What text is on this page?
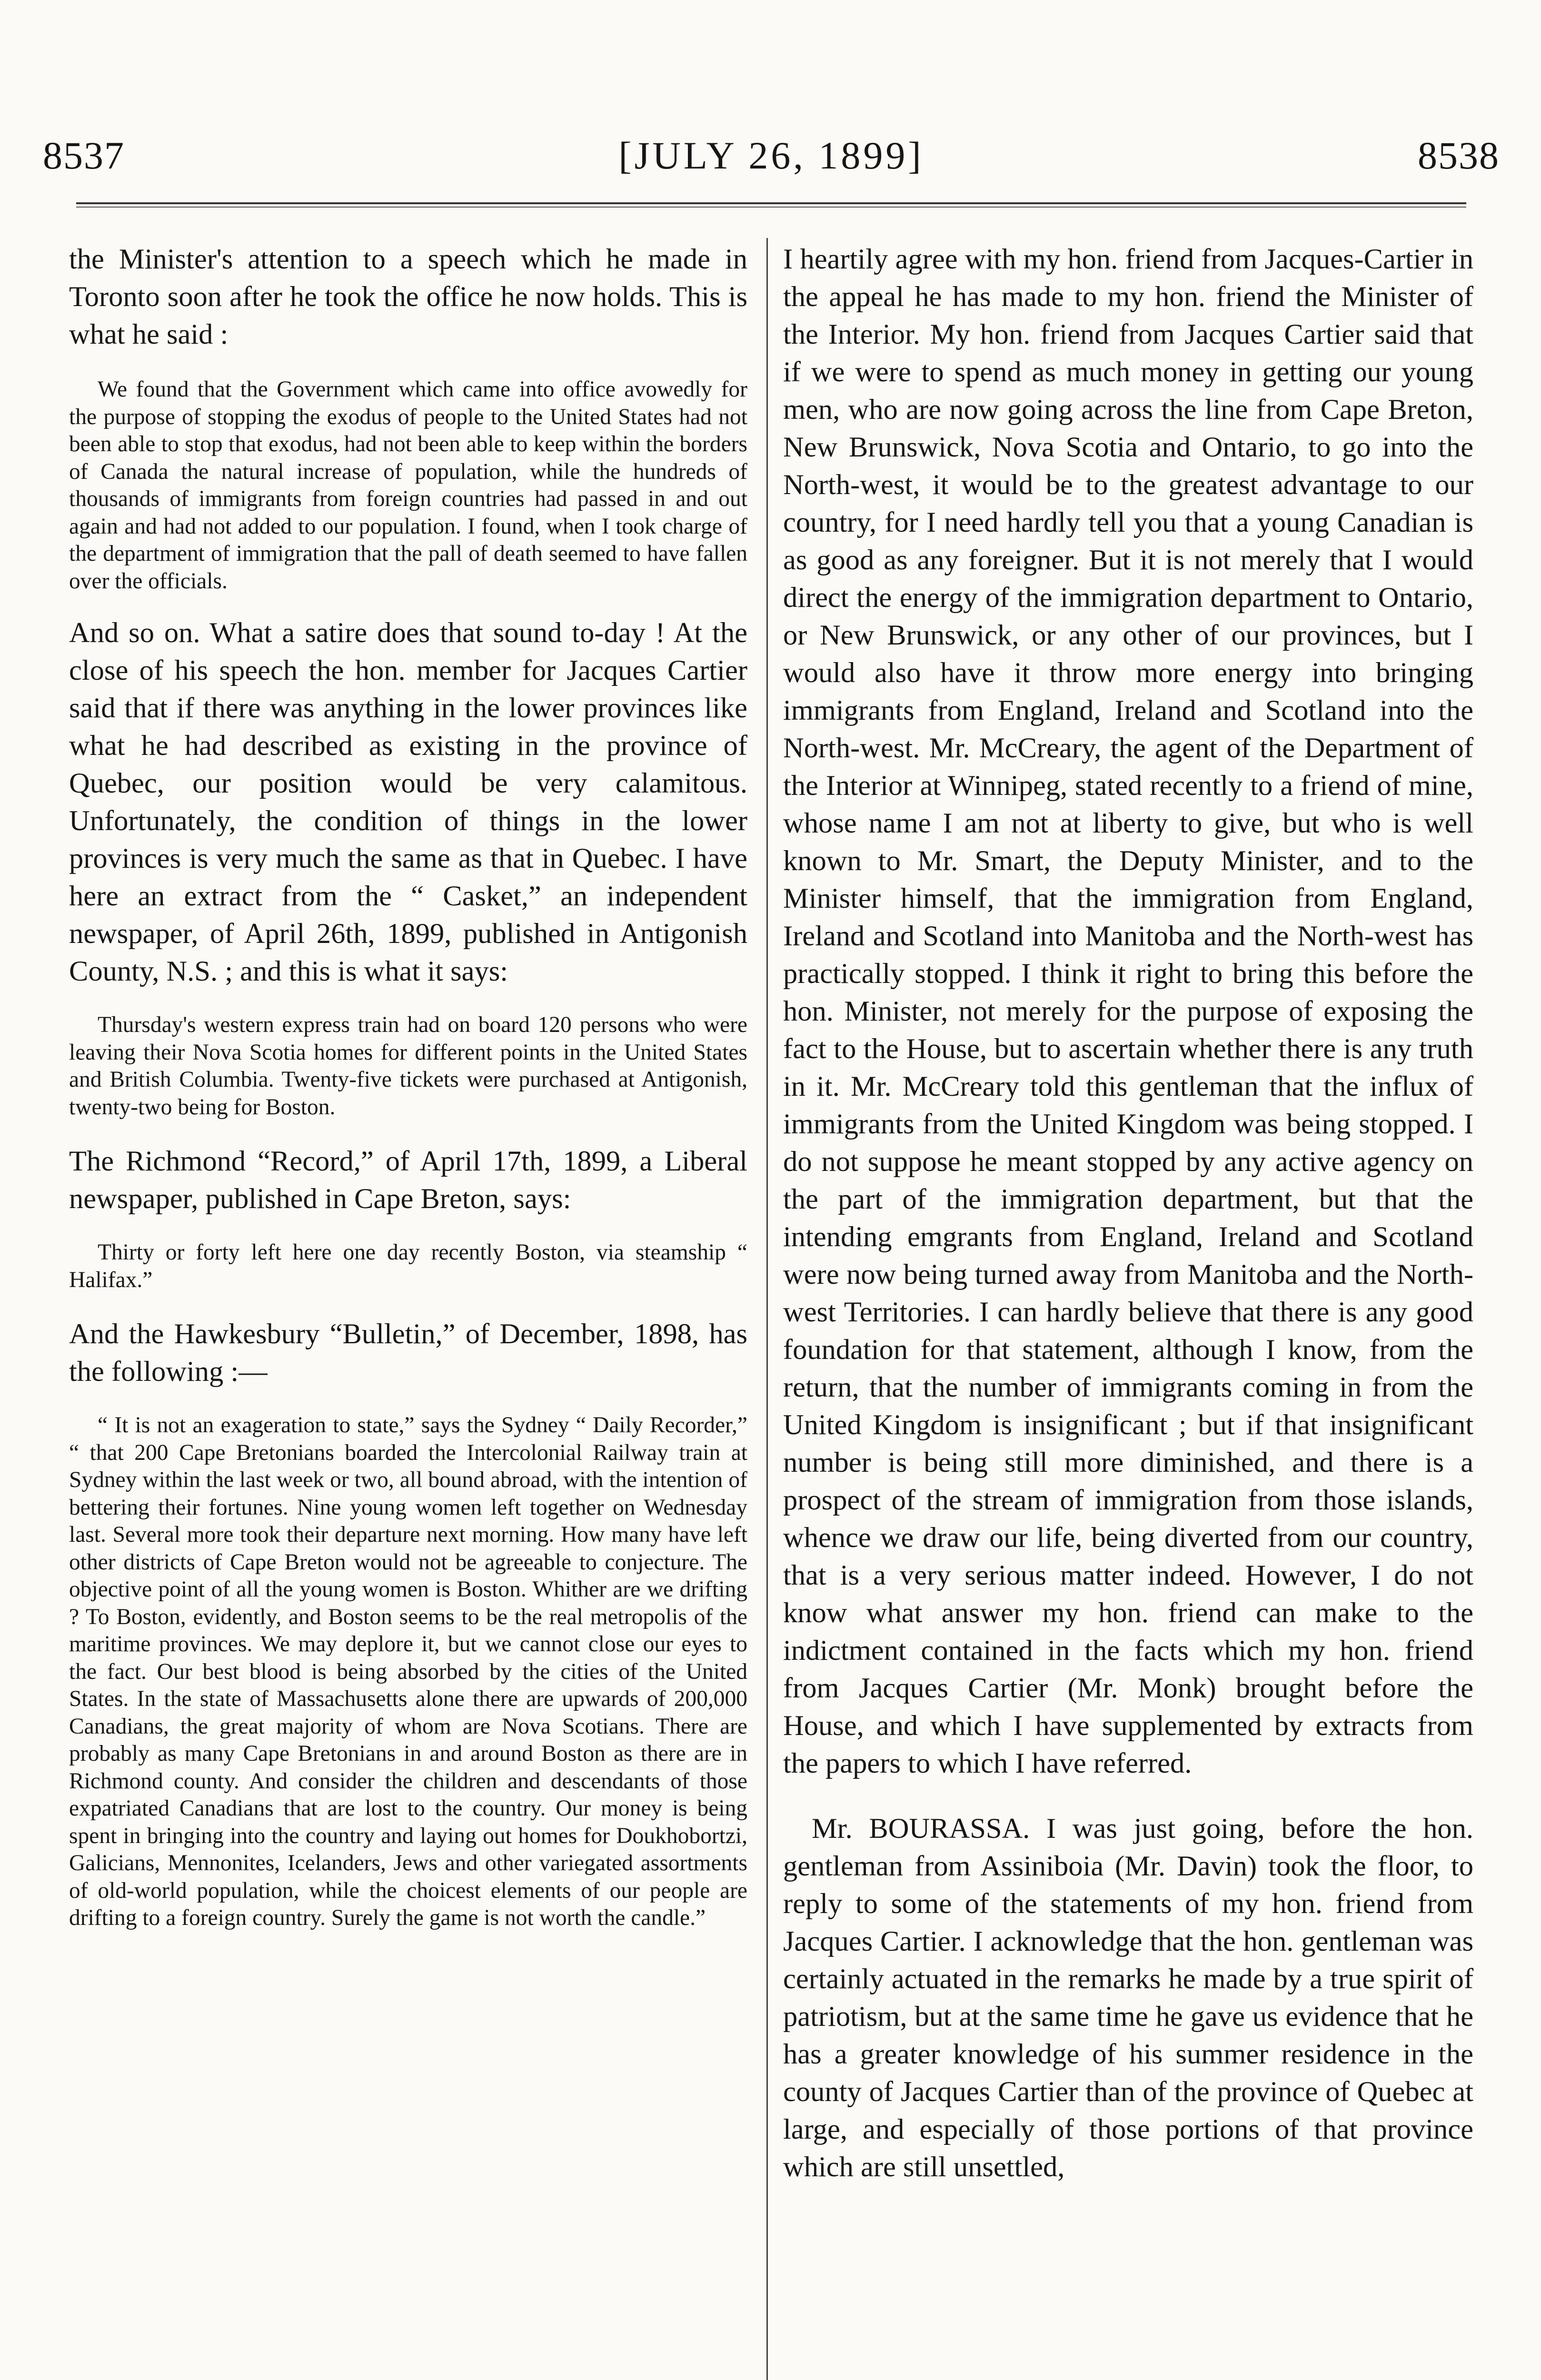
8537	[JULY 26, 1899]	8538

the Minister's attention to a speech which he made in Toronto soon after he took the office he now holds. This is what he said :

We found that the Government which came into office avowedly for the purpose of stopping the exodus of people to the United States had not been able to stop that exodus, had not been able to keep within the borders of Canada the natural increase of population, while the hundreds of thousands of immigrants from foreign countries had passed in and out again and had not added to our population. I found, when I took charge of the department of immigration that the pall of death seemed to have fallen over the officials.

And so on. What a satire does that sound to-day ! At the close of his speech the hon. member for Jacques Cartier said that if there was anything in the lower provinces like what he had described as existing in the province of Quebec, our position would be very calamitous. Unfortunately, the condition of things in the lower provinces is very much the same as that in Quebec. I have here an extract from the “ Casket,” an independent newspaper, of April 26th, 1899, published in Antigonish County, N.S. ; and this is what it says:

Thursday's western express train had on board 120 persons who were leaving their Nova Scotia homes for different points in the United States and British Columbia. Twenty-five tickets were purchased at Antigonish, twenty-two being for Boston.

The Richmond “Record,” of April 17th, 1899, a Liberal newspaper, published in Cape Breton, says:

Thirty or forty left here one day recently Boston, via steamship “ Halifax.”

And the Hawkesbury “Bulletin,” of December, 1898, has the following :—

“ It is not an exageration to state,” says the Sydney “ Daily Recorder,” “ that 200 Cape Bretonians boarded the Intercolonial Railway train at Sydney within the last week or two, all bound abroad, with the intention of bettering their fortunes. Nine young women left together on Wednesday last. Several more took their departure next morning. How many have left other districts of Cape Breton would not be agreeable to conjecture. The objective point of all the young women is Boston. Whither are we drifting ? To Boston, evidently, and Boston seems to be the real metropolis of the maritime provinces. We may deplore it, but we cannot close our eyes to the fact. Our best blood is being absorbed by the cities of the United States. In the state of Massachusetts alone there are upwards of 200,000 Canadians, the great majority of whom are Nova Scotians. There are probably as many Cape Bretonians in and around Boston as there are in Richmond county. And consider the children and descendants of those expatriated Canadians that are lost to the country. Our money is being spent in bringing into the country and laying out homes for Doukhobortzi, Galicians, Mennonites, Icelanders, Jews and other variegated assortments of old-world population, while the choicest elements of our people are drifting to a foreign country. Surely the game is not worth the candle.”

I heartily agree with my hon. friend from Jacques-Cartier in the appeal he has made to my hon. friend the Minister of the Interior. My hon. friend from Jacques Cartier said that if we were to spend as much money in getting our young men, who are now going across the line from Cape Breton, New Brunswick, Nova Scotia and Ontario, to go into the North-west, it would be to the greatest advantage to our country, for I need hardly tell you that a young Canadian is as good as any foreigner. But it is not merely that I would direct the energy of the immigration department to Ontario, or New Brunswick, or any other of our provinces, but I would also have it throw more energy into bringing immigrants from England, Ireland and Scotland into the North-west. Mr. McCreary, the agent of the Department of the Interior at Winnipeg, stated recently to a friend of mine, whose name I am not at liberty to give, but who is well known to Mr. Smart, the Deputy Minister, and to the Minister himself, that the immigration from England, Ireland and Scotland into Manitoba and the North-west has practically stopped. I think it right to bring this before the hon. Minister, not merely for the purpose of exposing the fact to the House, but to ascertain whether there is any truth in it. Mr. McCreary told this gentleman that the influx of immigrants from the United Kingdom was being stopped. I do not suppose he meant stopped by any active agency on the part of the immigration department, but that the intending emgrants from England, Ireland and Scotland were now being turned away from Manitoba and the North-west Territories. I can hardly believe that there is any good foundation for that statement, although I know, from the return, that the number of immigrants coming in from the United Kingdom is insignificant ; but if that insignificant number is being still more diminished, and there is a prospect of the stream of immigration from those islands, whence we draw our life, being diverted from our country, that is a very serious matter indeed. However, I do not know what answer my hon. friend can make to the indictment contained in the facts which my hon. friend from Jacques Cartier (Mr. Monk) brought before the House, and which I have supplemented by extracts from the papers to which I have referred.

Mr. BOURASSA. I was just going, before the hon. gentleman from Assiniboia (Mr. Davin) took the floor, to reply to some of the statements of my hon. friend from Jacques Cartier. I acknowledge that the hon. gentleman was certainly actuated in the remarks he made by a true spirit of patriotism, but at the same time he gave us evidence that he has a greater knowledge of his summer residence in the county of Jacques Cartier than of the province of Quebec at large, and especially of those portions of that province which are still unsettled,
